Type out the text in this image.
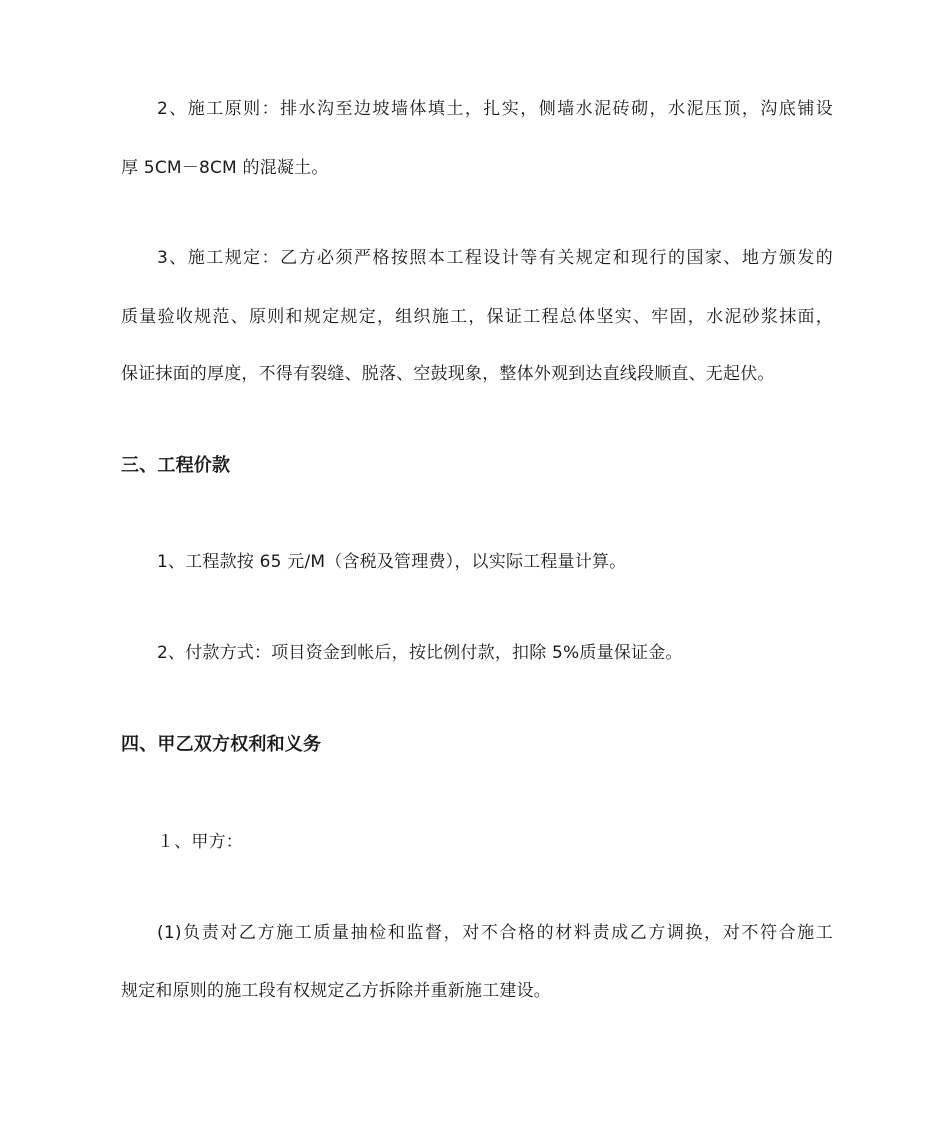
2、施工原则：排水沟至边坡墙体填土，扎实，侧墙水泥砖砌，水泥压顶，沟底铺设
厚 5CM－8CM 的混凝土。
3、施工规定：乙方必须严格按照本工程设计等有关规定和现行的国家、地方颁发的
质量验收规范、原则和规定规定，组织施工，保证工程总体坚实、牢固，水泥砂浆抹面，
保证抹面的厚度，不得有裂缝、脱落、空鼓现象，整体外观到达直线段顺直、无起伏。
三、工程价款
1、工程款按 65 元/M（含税及管理费），以实际工程量计算。
2、付款方式：项目资金到帐后，按比例付款，扣除 5%质量保证金。
四、甲乙双方权利和义务
１、甲方：
(1)负责对乙方施工质量抽检和监督，对不合格的材料责成乙方调换，对不符合施工
规定和原则的施工段有权规定乙方拆除并重新施工建设。
